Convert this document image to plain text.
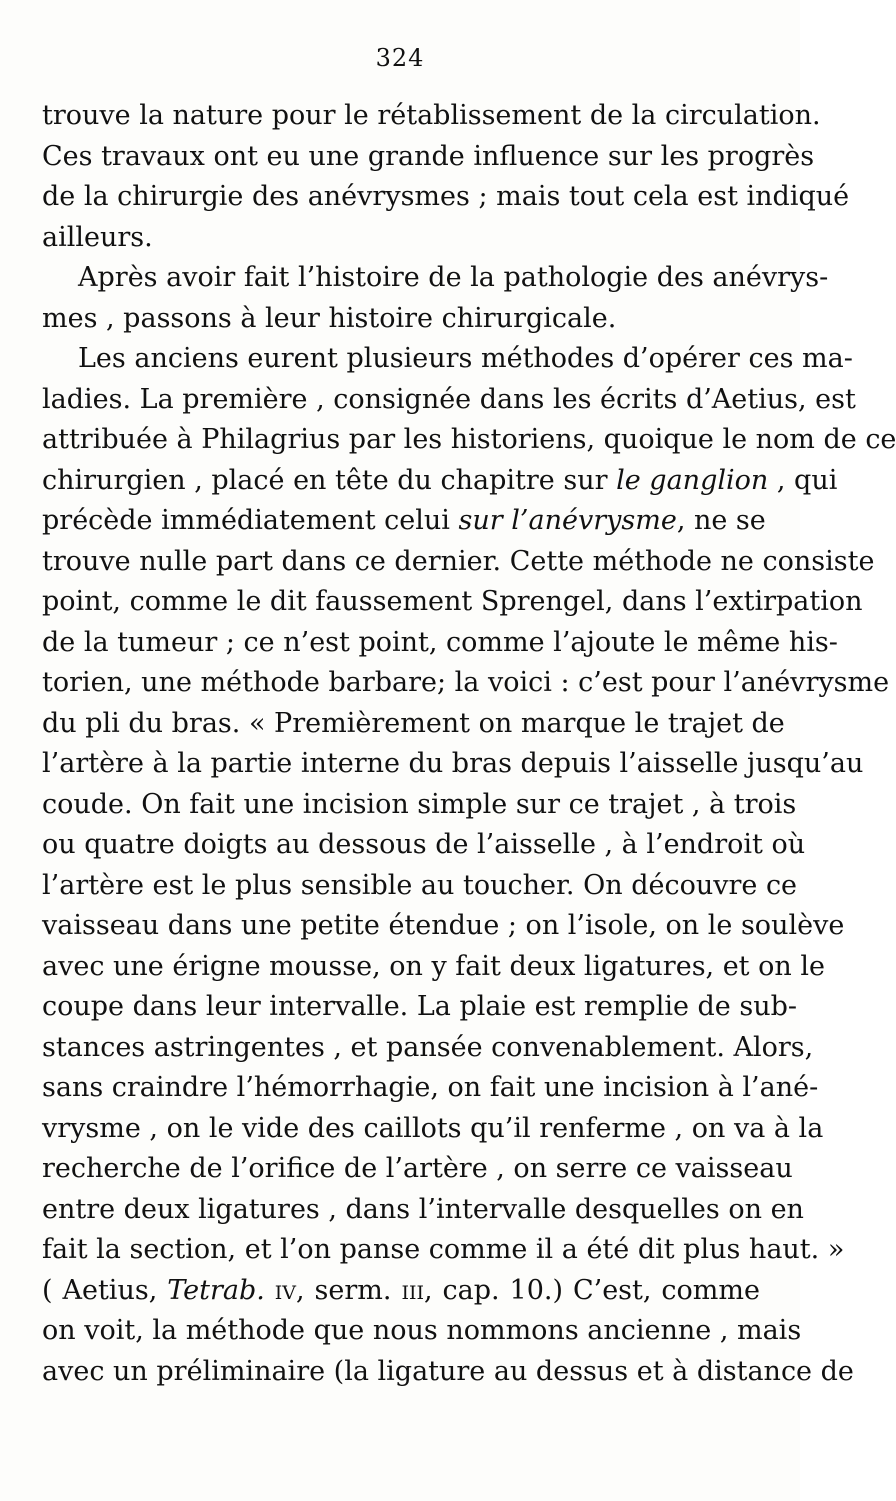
324
trouve la nature pour le rétablissement de la circulation.
Ces travaux ont eu une grande influence sur les progrès
de la chirurgie des anévrysmes ; mais tout cela est indiqué
ailleurs.
Après avoir fait l’histoire de la pathologie des anévrys-
mes , passons à leur histoire chirurgicale.
Les anciens eurent plusieurs méthodes d’opérer ces ma-
ladies. La première , consignée dans les écrits d’Aetius, est
attribuée à Philagrius par les historiens, quoique le nom de ce
chirurgien , placé en tête du chapitre sur le ganglion , qui
précède immédiatement celui sur l’anévrysme, ne se
trouve nulle part dans ce dernier. Cette méthode ne consiste
point, comme le dit faussement Sprengel, dans l’extirpation
de la tumeur ; ce n’est point, comme l’ajoute le même his-
torien, une méthode barbare; la voici : c’est pour l’anévrysme
du pli du bras. « Premièrement on marque le trajet de
l’artère à la partie interne du bras depuis l’aisselle jusqu’au
coude. On fait une incision simple sur ce trajet , à trois
ou quatre doigts au dessous de l’aisselle , à l’endroit où
l’artère est le plus sensible au toucher. On découvre ce
vaisseau dans une petite étendue ; on l’isole, on le soulève
avec une érigne mousse, on y fait deux ligatures, et on le
coupe dans leur intervalle. La plaie est remplie de sub-
stances astringentes , et pansée convenablement. Alors,
sans craindre l’hémorrhagie, on fait une incision à l’ané-
vrysme , on le vide des caillots qu’il renferme , on va à la
recherche de l’orifice de l’artère , on serre ce vaisseau
entre deux ligatures , dans l’intervalle desquelles on en
fait la section, et l’on panse comme il a été dit plus haut. »
( Aetius, Tetrab. iv, serm. iii, cap. 10.) C’est, comme
on voit, la méthode que nous nommons ancienne , mais
avec un préliminaire (la ligature au dessus et à distance de
